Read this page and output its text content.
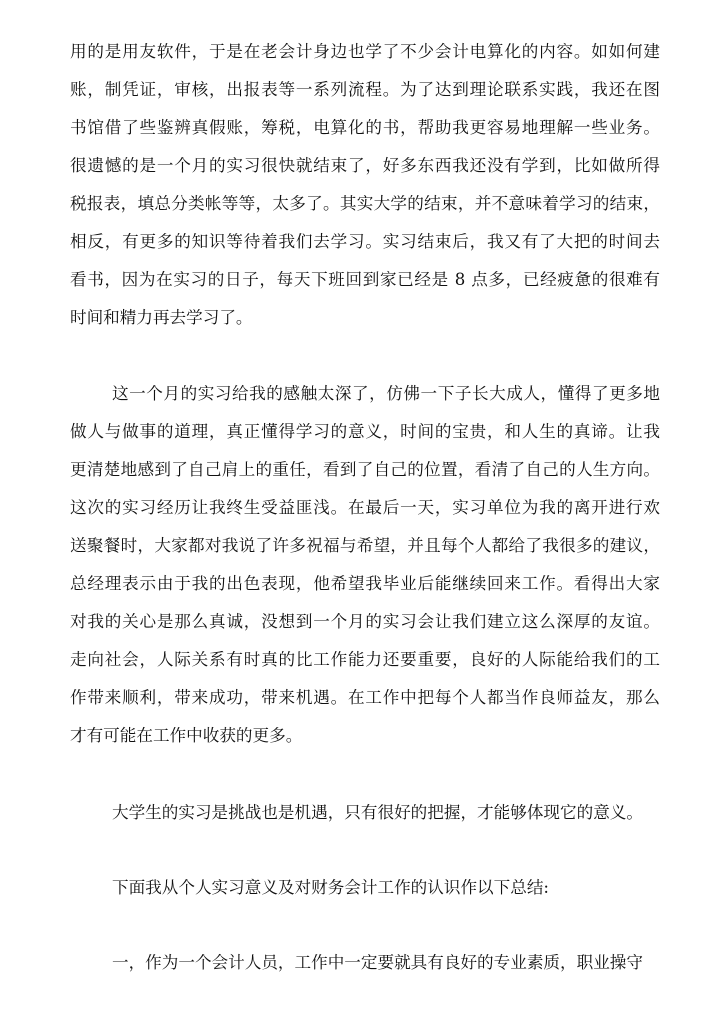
用的是用友软件，于是在老会计身边也学了不少会计电算化的内容。如如何建
账，制凭证，审核，出报表等一系列流程。为了达到理论联系实践，我还在图
书馆借了些鉴辨真假账，筹税，电算化的书，帮助我更容易地理解一些业务。
很遗憾的是一个月的实习很快就结束了，好多东西我还没有学到，比如做所得
税报表，填总分类帐等等，太多了。其实大学的结束，并不意味着学习的结束，
相反，有更多的知识等待着我们去学习。实习结束后，我又有了大把的时间去
看书，因为在实习的日子，每天下班回到家已经是 8 点多，已经疲惫的很难有
时间和精力再去学习了。
这一个月的实习给我的感触太深了，仿佛一下子长大成人，懂得了更多地
做人与做事的道理，真正懂得学习的意义，时间的宝贵，和人生的真谛。让我
更清楚地感到了自己肩上的重任，看到了自己的位置，看清了自己的人生方向。
这次的实习经历让我终生受益匪浅。在最后一天，实习单位为我的离开进行欢
送聚餐时，大家都对我说了许多祝福与希望，并且每个人都给了我很多的建议，
总经理表示由于我的出色表现，他希望我毕业后能继续回来工作。看得出大家
对我的关心是那么真诚，没想到一个月的实习会让我们建立这么深厚的友谊。
走向社会，人际关系有时真的比工作能力还要重要，良好的人际能给我们的工
作带来顺利，带来成功，带来机遇。在工作中把每个人都当作良师益友，那么
才有可能在工作中收获的更多。
大学生的实习是挑战也是机遇，只有很好的把握，才能够体现它的意义。
下面我从个人实习意义及对财务会计工作的认识作以下总结:
一，作为一个会计人员，工作中一定要就具有良好的专业素质，职业操守
